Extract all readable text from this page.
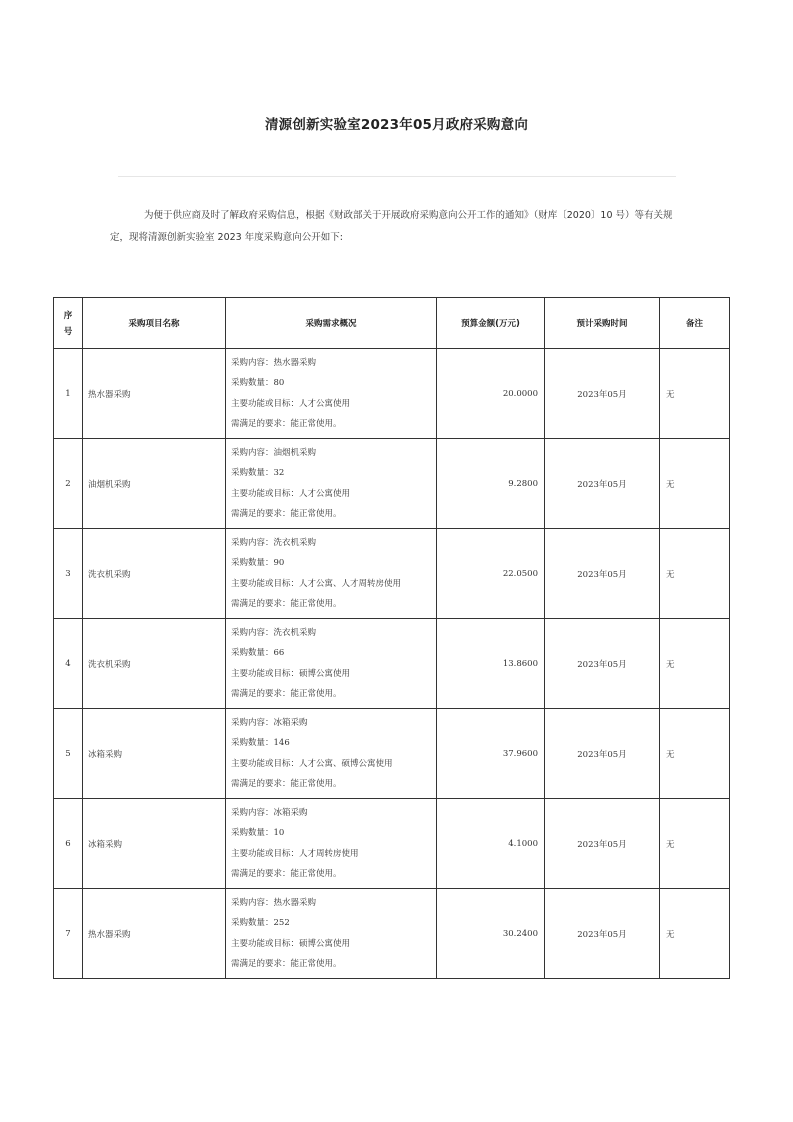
清源创新实验室2023年05月政府采购意向
为便于供应商及时了解政府采购信息，根据《财政部关于开展政府采购意向公开工作的通知》（财库〔2020〕10 号）等有关规定，现将清源创新实验室 2023 年度采购意向公开如下:
序
号	采购项目名称	采购需求概况	预算金额(万元)	预计采购时间	备注
1	热水器采购	采购内容：热水器采购
采购数量：80
主要功能或目标：人才公寓使用
需满足的要求：能正常使用。	20.0000	2023年05月	无
2	油烟机采购	采购内容：油烟机采购
采购数量：32
主要功能或目标：人才公寓使用
需满足的要求：能正常使用。	9.2800	2023年05月	无
3	洗衣机采购	采购内容：洗衣机采购
采购数量：90
主要功能或目标：人才公寓、人才周转房使用
需满足的要求：能正常使用。	22.0500	2023年05月	无
4	洗衣机采购	采购内容：洗衣机采购
采购数量：66
主要功能或目标：硕博公寓使用
需满足的要求：能正常使用。	13.8600	2023年05月	无
5	冰箱采购	采购内容：冰箱采购
采购数量：146
主要功能或目标：人才公寓、硕博公寓使用
需满足的要求：能正常使用。	37.9600	2023年05月	无
6	冰箱采购	采购内容：冰箱采购
采购数量：10
主要功能或目标：人才周转房使用
需满足的要求：能正常使用。	4.1000	2023年05月	无
7	热水器采购	采购内容：热水器采购
采购数量：252
主要功能或目标：硕博公寓使用
需满足的要求：能正常使用。	30.2400	2023年05月	无
